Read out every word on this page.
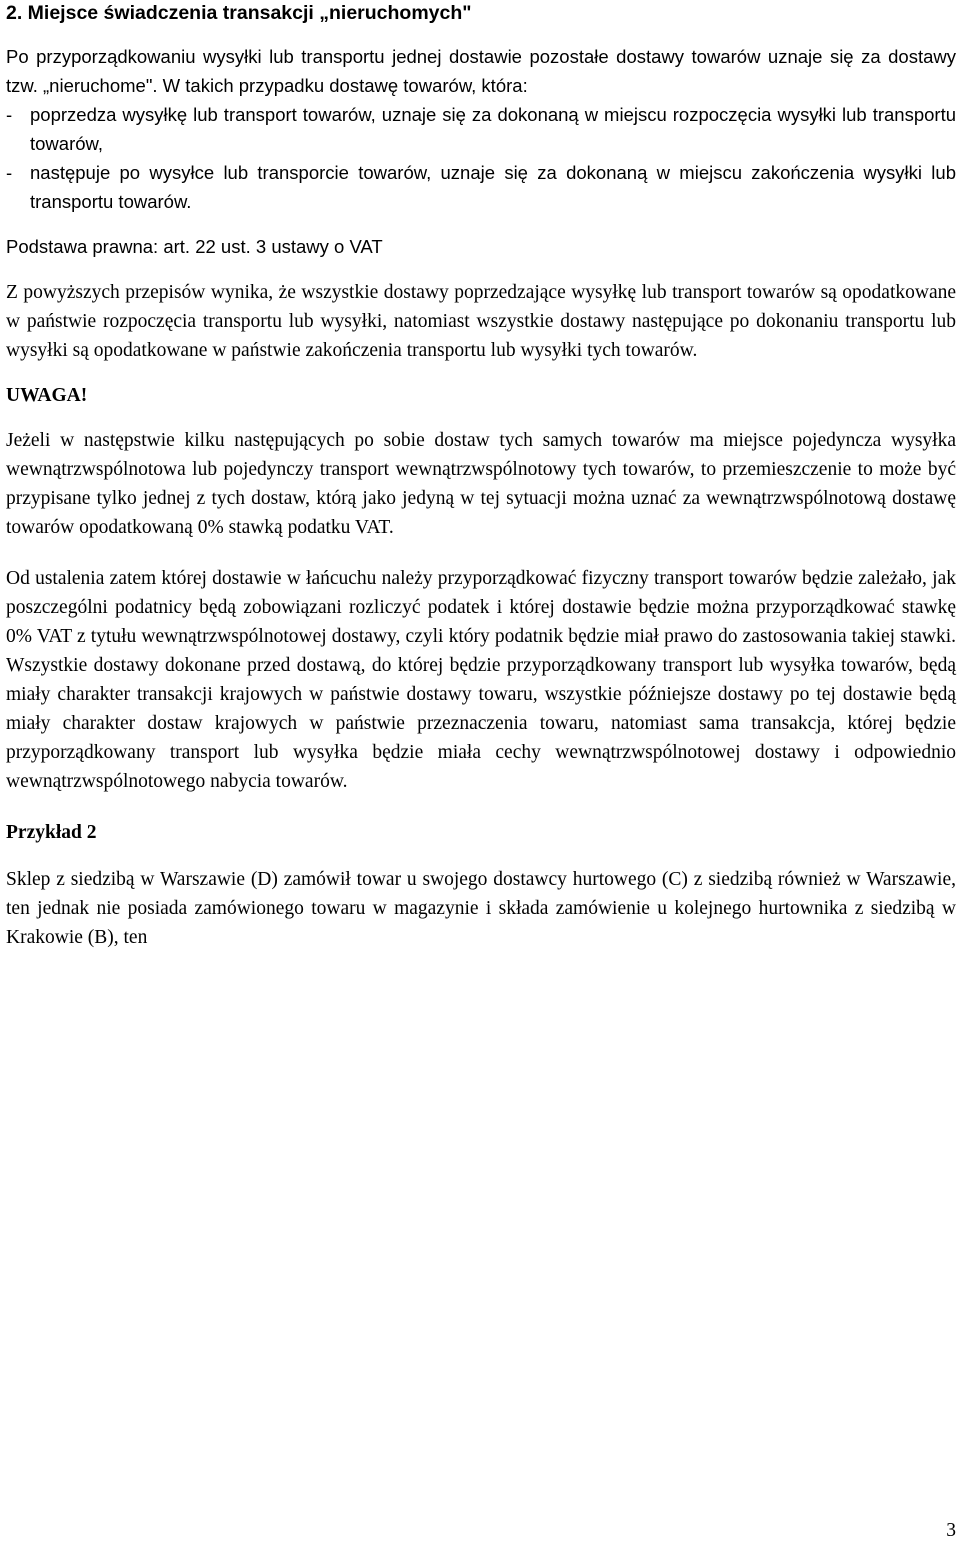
2. Miejsce świadczenia transakcji „nieruchomych"

Po przyporządkowaniu wysyłki lub transportu jednej dostawie pozostałe dostawy towarów uznaje się za dostawy tzw. „nieruchome". W takich przypadku dostawę towarów, która:

- poprzedza wysyłkę lub transport towarów, uznaje się za dokonaną w miejscu rozpoczęcia wysyłki lub transportu towarów,
- następuje po wysyłce lub transporcie towarów, uznaje się za dokonaną w miejscu zakończenia wysyłki lub transportu towarów.

Podstawa prawna: art. 22 ust. 3 ustawy o VAT

Z powyższych przepisów wynika, że wszystkie dostawy poprzedzające wysyłkę lub transport towarów są opodatkowane w państwie rozpoczęcia transportu lub wysyłki, natomiast wszystkie dostawy następujące po dokonaniu transportu lub wysyłki są opodatkowane w państwie zakończenia transportu lub wysyłki tych towarów.

UWAGA!

Jeżeli w następstwie kilku następujących po sobie dostaw tych samych towarów ma miejsce pojedyncza wysyłka wewnątrzwspólnotowa lub pojedynczy transport wewnątrzwspólnotowy tych towarów, to przemieszczenie to może być przypisane tylko jednej z tych dostaw, którą jako jedyną w tej sytuacji można uznać za wewnątrzwspólnotową dostawę towarów opodatkowaną 0% stawką podatku VAT.

Od ustalenia zatem której dostawie w łańcuchu należy przyporządkować fizyczny transport towarów będzie zależało, jak poszczególni podatnicy będą zobowiązani rozliczyć podatek i której dostawie będzie można przyporządkować stawkę 0% VAT z tytułu wewnątrzwspólnotowej dostawy, czyli który podatnik będzie miał prawo do zastosowania takiej stawki. Wszystkie dostawy dokonane przed dostawą, do której będzie przyporządkowany transport lub wysyłka towarów, będą miały charakter transakcji krajowych w państwie dostawy towaru, wszystkie późniejsze dostawy po tej dostawie będą miały charakter dostaw krajowych w państwie przeznaczenia towaru, natomiast sama transakcja, której będzie przyporządkowany transport lub wysyłka będzie miała cechy wewnątrzwspólnotowej dostawy i odpowiednio wewnątrzwspólnotowego nabycia towarów.

Przykład 2

Sklep z siedzibą w Warszawie (D) zamówił towar u swojego dostawcy hurtowego (C) z siedzibą również w Warszawie, ten jednak nie posiada zamówionego towaru w magazynie i składa zamówienie u kolejnego hurtownika z siedzibą w Krakowie (B), ten

3
